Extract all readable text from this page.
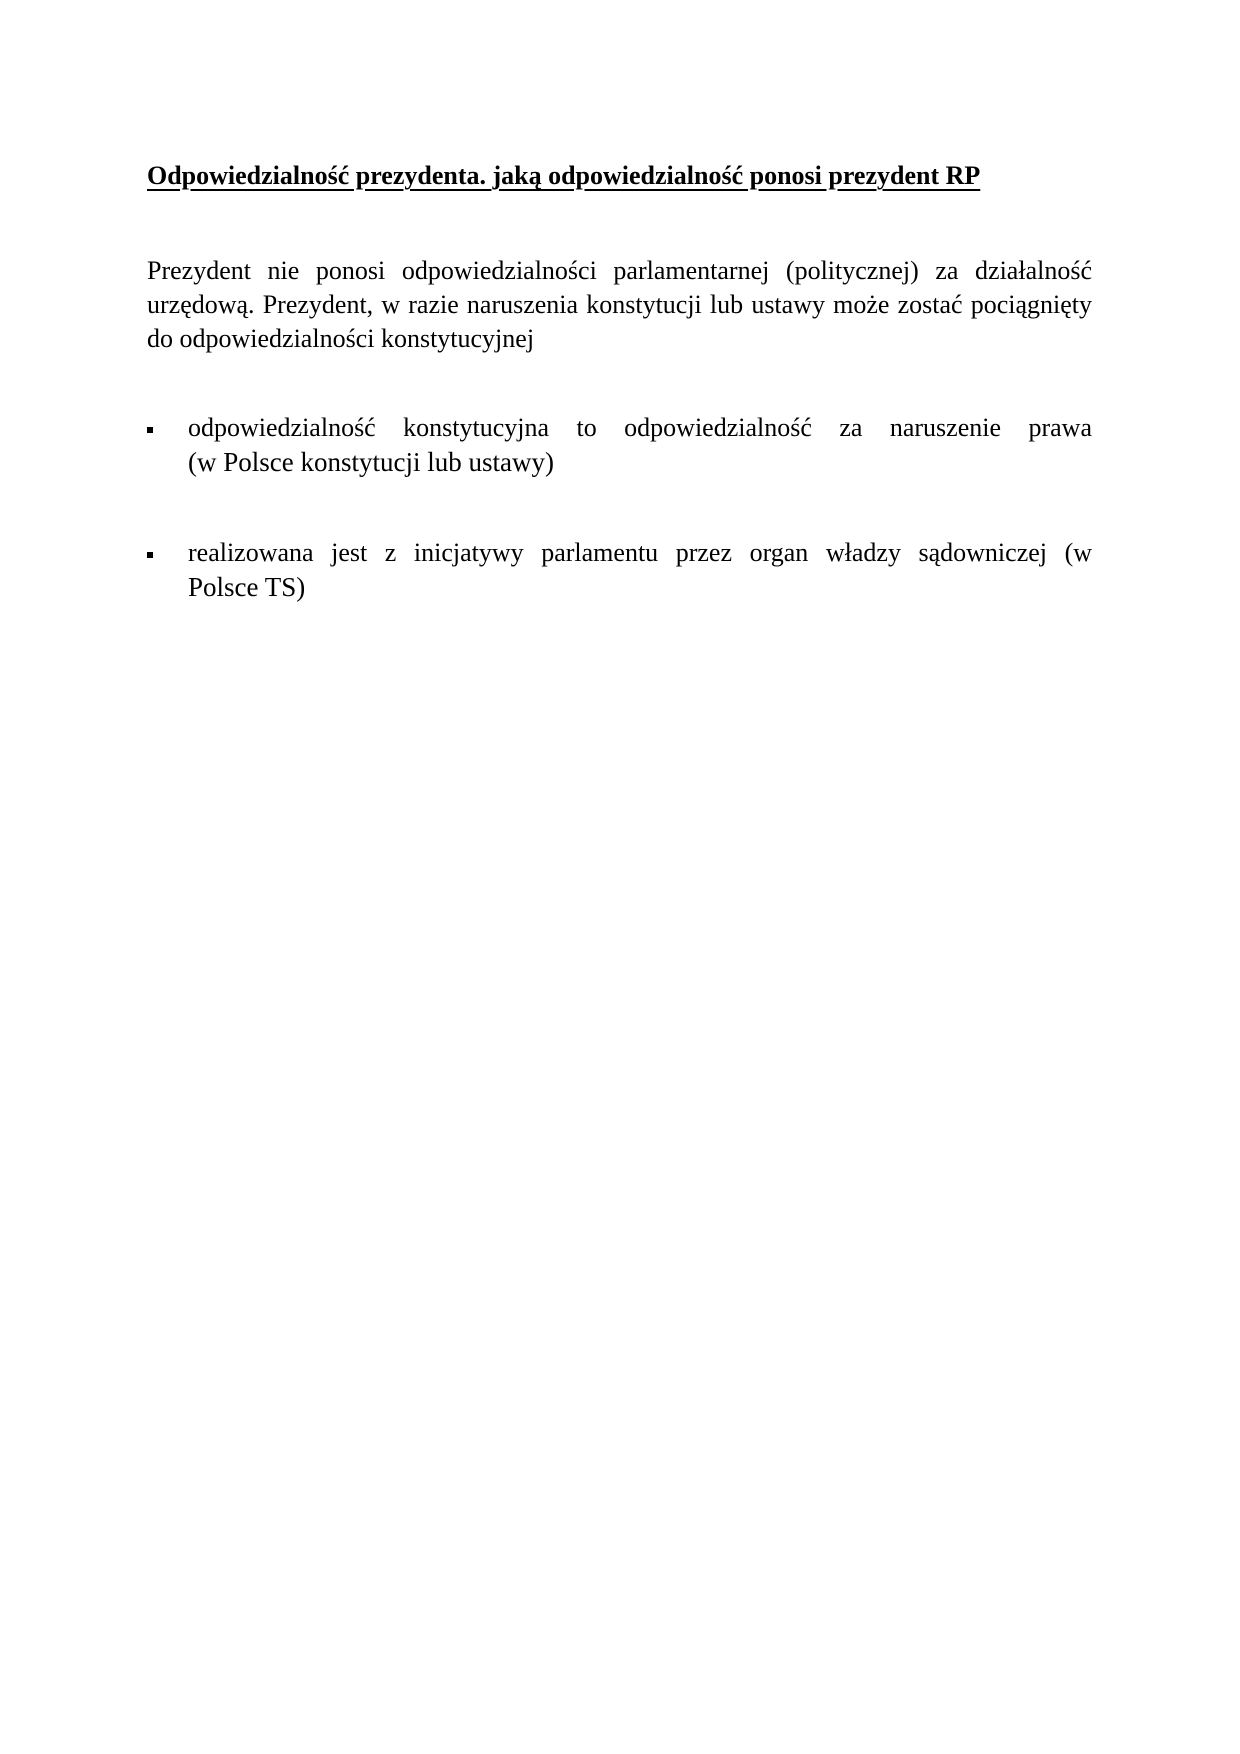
Odpowiedzialność prezydenta. jaką odpowiedzialność ponosi prezydent RP

Prezydent nie ponosi odpowiedzialności parlamentarnej (politycznej) za działalność urzędową. Prezydent, w razie naruszenia konstytucji lub ustawy może zostać pociągnięty do odpowiedzialności konstytucyjnej

odpowiedzialność konstytucyjna to odpowiedzialność za naruszenie prawa
(w Polsce konstytucji lub ustawy)
realizowana jest z inicjatywy parlamentu przez organ władzy sądowniczej (w
Polsce TS)
